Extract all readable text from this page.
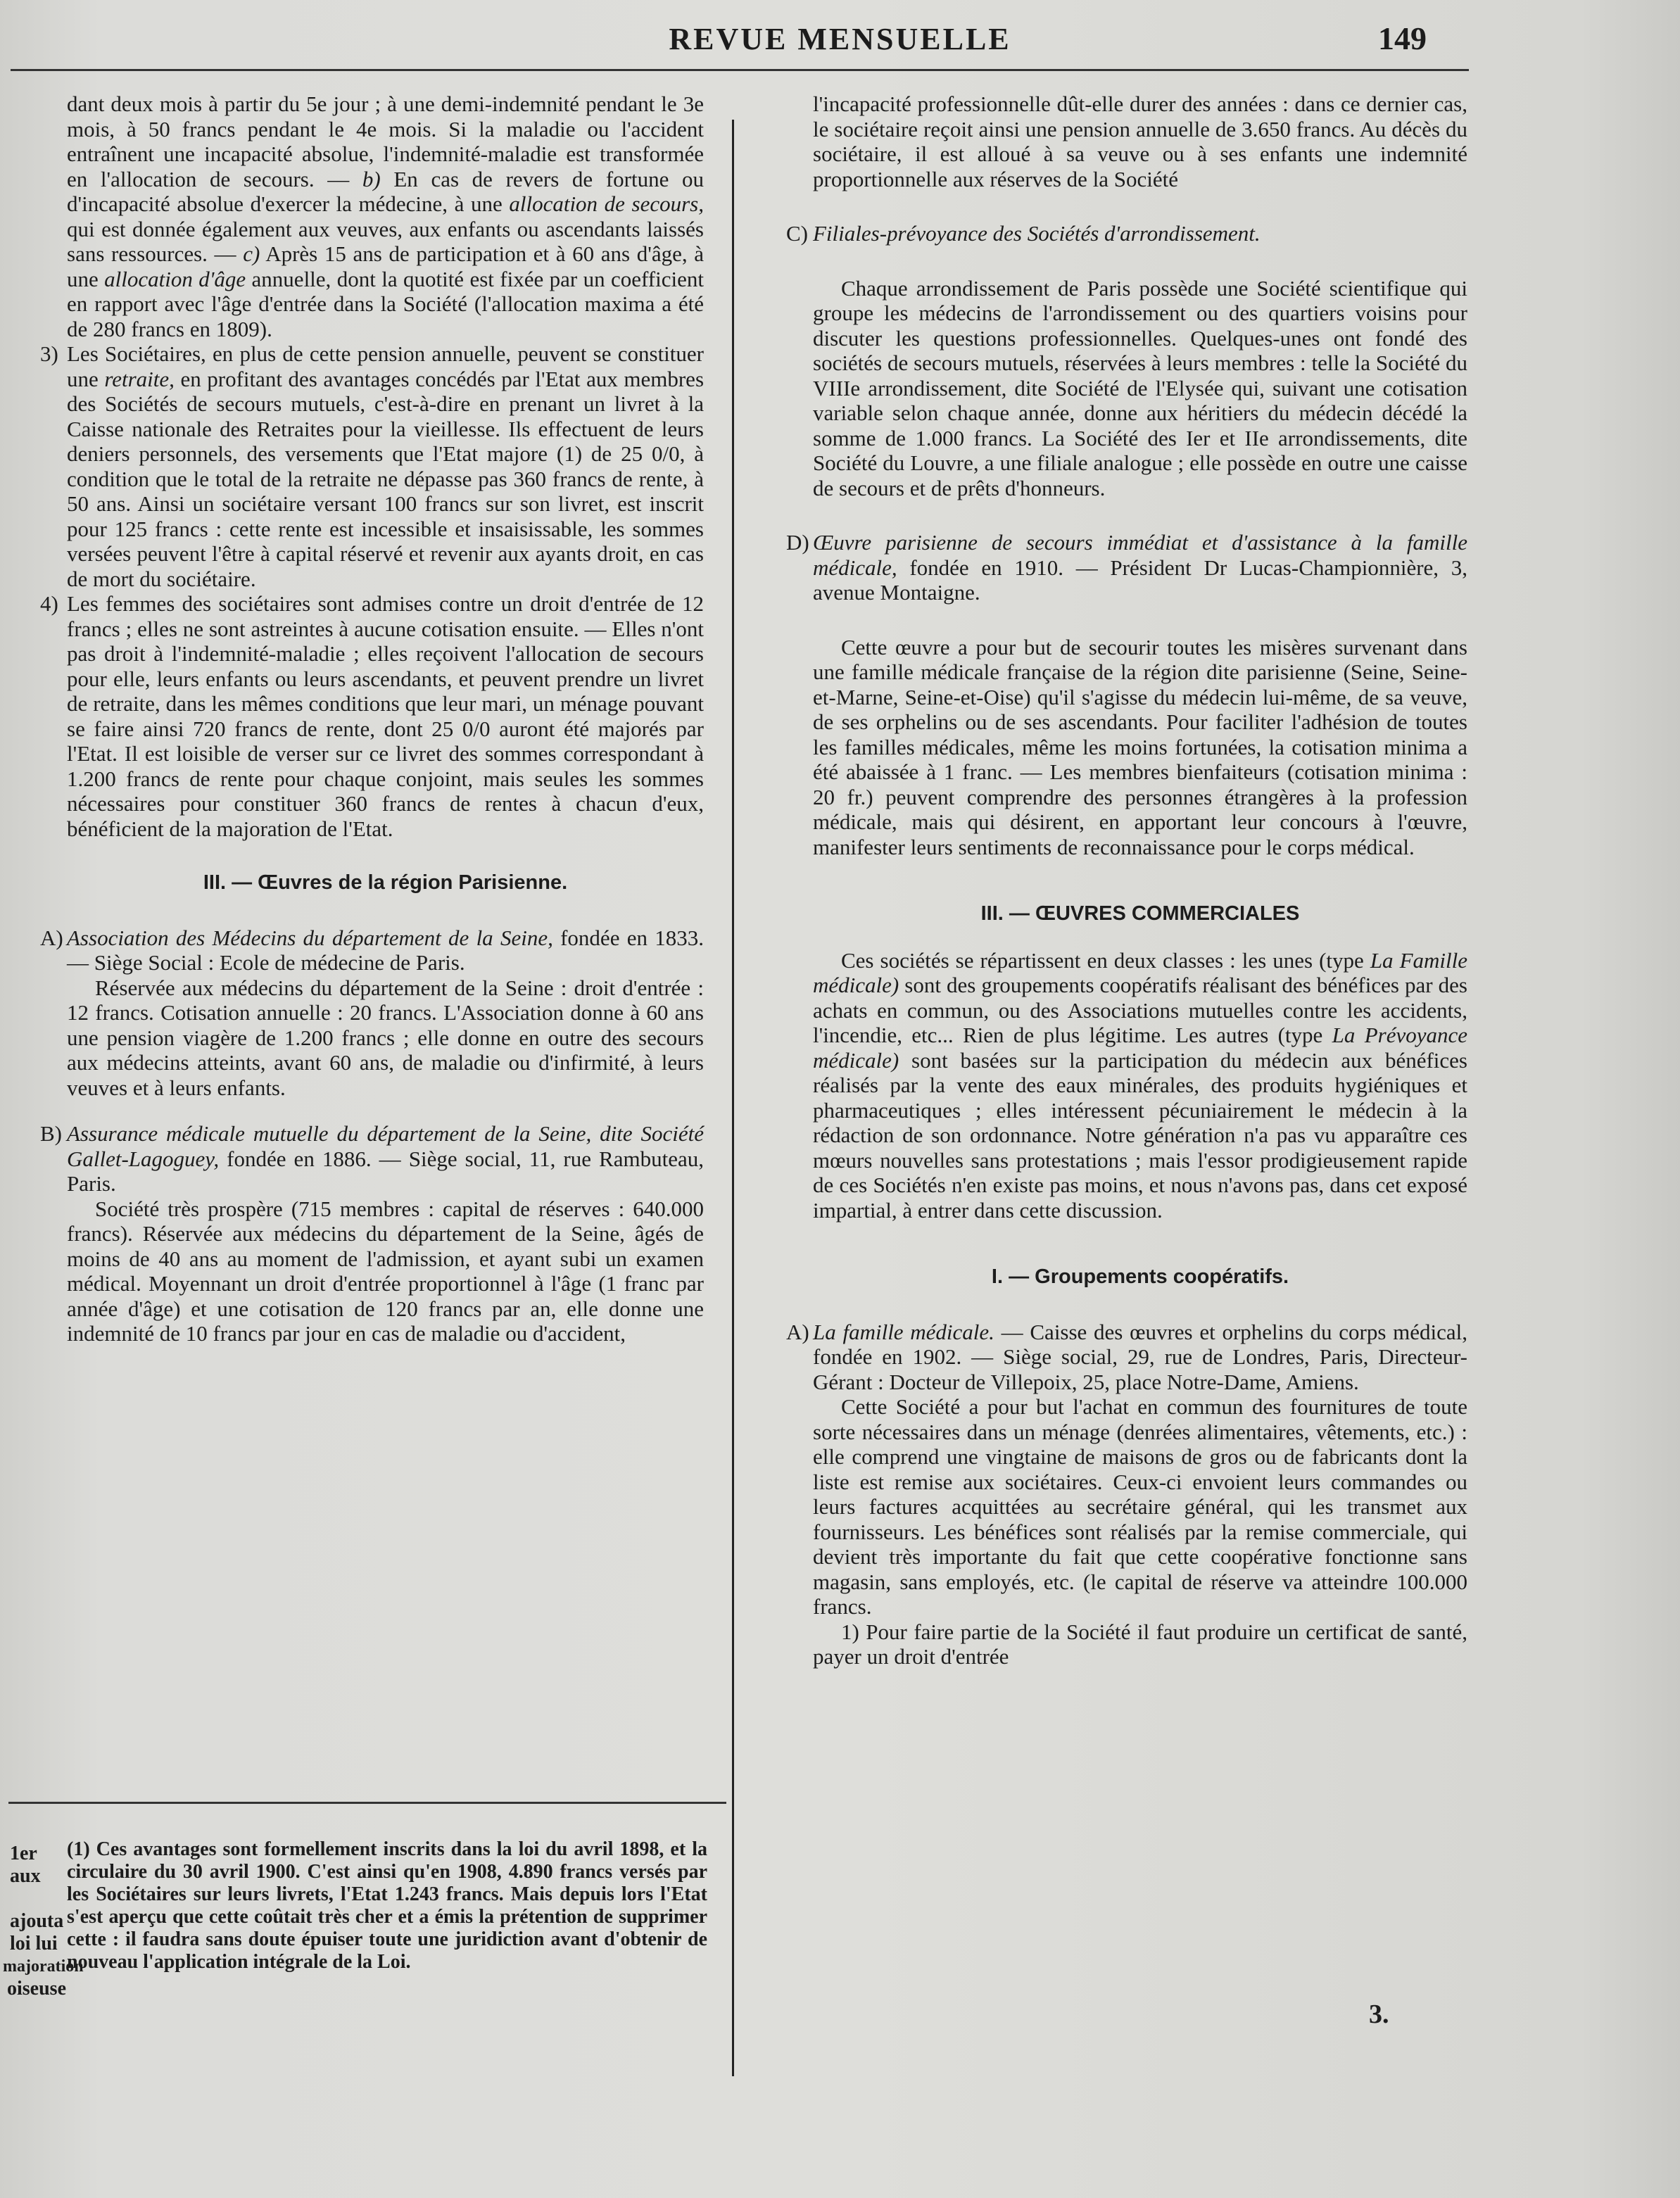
REVUE MENSUELLE	149

dant deux mois à partir du 5e jour ; à une demi-indemnité pendant le 3e mois, à 50 francs pendant le 4e mois. Si la maladie ou l'accident entraînent une incapacité absolue, l'indemnité-maladie est transformée en l'allocation de secours. — b) En cas de revers de fortune ou d'incapacité absolue d'exercer la médecine, à une allocation de secours, qui est donnée également aux veuves, aux enfants ou ascendants laissés sans ressources. — c) Après 15 ans de participation et à 60 ans d'âge, à une allocation d'âge annuelle, dont la quotité est fixée par un coefficient en rapport avec l'âge d'entrée dans la Société (l'allocation maxima a été de 280 francs en 1809).

3) Les Sociétaires, en plus de cette pension annuelle, peuvent se constituer une retraite, en profitant des avantages concédés par l'Etat aux membres des Sociétés de secours mutuels, c'est-à-dire en prenant un livret à la Caisse nationale des Retraites pour la vieillesse. Ils effectuent de leurs deniers personnels, des versements que l'Etat majore (1) de 25 0/0, à condition que le total de la retraite ne dépasse pas 360 francs de rente, à 50 ans. Ainsi un sociétaire versant 100 francs sur son livret, est inscrit pour 125 francs : cette rente est incessible et insaisissable, les sommes versées peuvent l'être à capital réservé et revenir aux ayants droit, en cas de mort du sociétaire.

4) Les femmes des sociétaires sont admises contre un droit d'entrée de 12 francs ; elles ne sont astreintes à aucune cotisation ensuite. — Elles n'ont pas droit à l'indemnité-maladie ; elles reçoivent l'allocation de secours pour elle, leurs enfants ou leurs ascendants, et peuvent prendre un livret de retraite, dans les mêmes conditions que leur mari, un ménage pouvant se faire ainsi 720 francs de rente, dont 25 0/0 auront été majorés par l'Etat. Il est loisible de verser sur ce livret des sommes correspondant à 1.200 francs de rente pour chaque conjoint, mais seules les sommes nécessaires pour constituer 360 francs de rentes à chacun d'eux, bénéficient de la majoration de l'Etat.

III. — Œuvres de la région Parisienne.

A) Association des Médecins du département de la Seine, fondée en 1833. — Siège Social : Ecole de médecine de Paris.

Réservée aux médecins du département de la Seine : droit d'entrée : 12 francs. Cotisation annuelle : 20 francs. L'Association donne à 60 ans une pension viagère de 1.200 francs ; elle donne en outre des secours aux médecins atteints, avant 60 ans, de maladie ou d'infirmité, à leurs veuves et à leurs enfants.

B) Assurance médicale mutuelle du département de la Seine, dite Société Gallet-Lagoguey, fondée en 1886. — Siège social, 11, rue Rambuteau, Paris.

Société très prospère (715 membres : capital de réserves : 640.000 francs). Réservée aux médecins du département de la Seine, âgés de moins de 40 ans au moment de l'admission, et ayant subi un examen médical. Moyennant un droit d'entrée proportionnel à l'âge (1 franc par année d'âge) et une cotisation de 120 francs par an, elle donne une indemnité de 10 francs par jour en cas de maladie ou d'accident,

1er
aux
ajouta
loi lui
majoration
oiseuse
(1) Ces avantages sont formellement inscrits dans la loi du avril 1898, et la circulaire du 30 avril 1900. C'est ainsi qu'en 1908, 4.890 francs versés par les Sociétaires sur leurs livrets, l'Etat 1.243 francs. Mais depuis lors l'Etat s'est aperçu que cette coûtait très cher et a émis la prétention de supprimer cette : il faudra sans doute épuiser toute une juridiction avant d'obtenir de nouveau l'application intégrale de la Loi.

l'incapacité professionnelle dût-elle durer des années : dans ce dernier cas, le sociétaire reçoit ainsi une pension annuelle de 3.650 francs. Au décès du sociétaire, il est alloué à sa veuve ou à ses enfants une indemnité proportionnelle aux réserves de la Société

C) Filiales-prévoyance des Sociétés d'arrondissement.

Chaque arrondissement de Paris possède une Société scientifique qui groupe les médecins de l'arrondissement ou des quartiers voisins pour discuter les questions professionnelles. Quelques-unes ont fondé des sociétés de secours mutuels, réservées à leurs membres : telle la Société du VIIIe arrondissement, dite Société de l'Elysée qui, suivant une cotisation variable selon chaque année, donne aux héritiers du médecin décédé la somme de 1.000 francs. La Société des Ier et IIe arrondissements, dite Société du Louvre, a une filiale analogue ; elle possède en outre une caisse de secours et de prêts d'honneurs.

D) Œuvre parisienne de secours immédiat et d'assistance à la famille médicale, fondée en 1910. — Président Dr Lucas-Championnière, 3, avenue Montaigne.

Cette œuvre a pour but de secourir toutes les misères survenant dans une famille médicale française de la région dite parisienne (Seine, Seine-et-Marne, Seine-et-Oise) qu'il s'agisse du médecin lui-même, de sa veuve, de ses orphelins ou de ses ascendants. Pour faciliter l'adhésion de toutes les familles médicales, même les moins fortunées, la cotisation minima a été abaissée à 1 franc. — Les membres bienfaiteurs (cotisation minima : 20 fr.) peuvent comprendre des personnes étrangères à la profession médicale, mais qui désirent, en apportant leur concours à l'œuvre, manifester leurs sentiments de reconnaissance pour le corps médical.

III. — ŒUVRES COMMERCIALES

Ces sociétés se répartissent en deux classes : les unes (type La Famille médicale) sont des groupements coopératifs réalisant des bénéfices par des achats en commun, ou des Associations mutuelles contre les accidents, l'incendie, etc... Rien de plus légitime. Les autres (type La Prévoyance médicale) sont basées sur la participation du médecin aux bénéfices réalisés par la vente des eaux minérales, des produits hygiéniques et pharmaceutiques ; elles intéressent pécuniairement le médecin à la rédaction de son ordonnance. Notre génération n'a pas vu apparaître ces mœurs nouvelles sans protestations ; mais l'essor prodigieusement rapide de ces Sociétés n'en existe pas moins, et nous n'avons pas, dans cet exposé impartial, à entrer dans cette discussion.

I. — Groupements coopératifs.

A) La famille médicale. — Caisse des œuvres et orphelins du corps médical, fondée en 1902. — Siège social, 29, rue de Londres, Paris, Directeur-Gérant : Docteur de Villepoix, 25, place Notre-Dame, Amiens.

Cette Société a pour but l'achat en commun des fournitures de toute sorte nécessaires dans un ménage (denrées alimentaires, vêtements, etc.) : elle comprend une vingtaine de maisons de gros ou de fabricants dont la liste est remise aux sociétaires. Ceux-ci envoient leurs commandes ou leurs factures acquittées au secrétaire général, qui les transmet aux fournisseurs. Les bénéfices sont réalisés par la remise commerciale, qui devient très importante du fait que cette coopérative fonctionne sans magasin, sans employés, etc. (le capital de réserve va atteindre 100.000 francs.

1) Pour faire partie de la Société il faut produire un certificat de santé, payer un droit d'entrée

3.
